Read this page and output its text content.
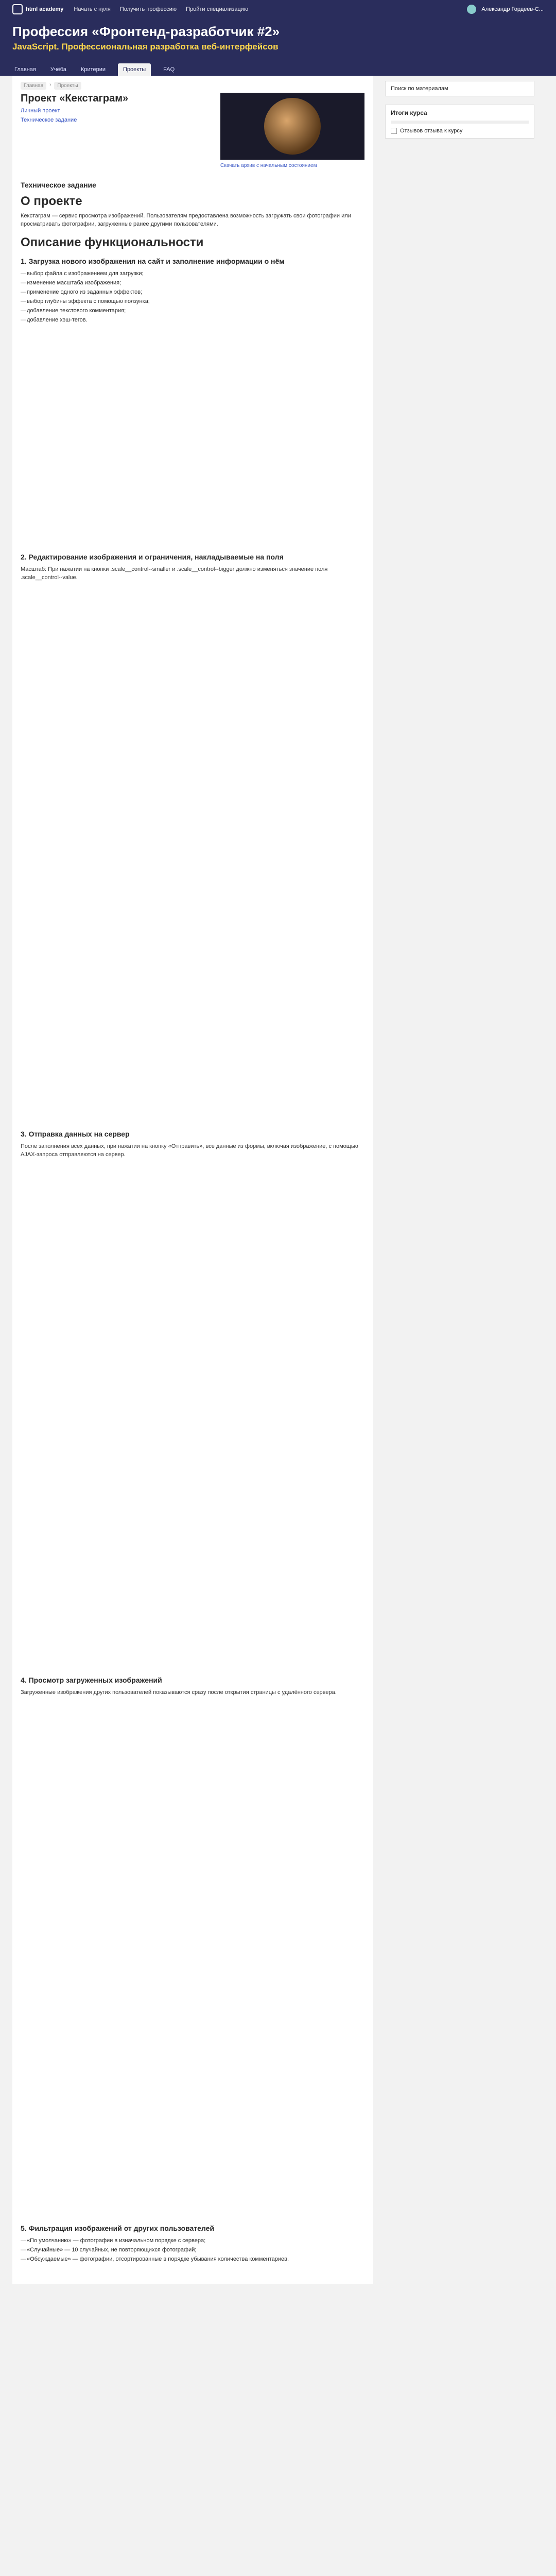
html academy Начать с нуля Получить профессию Пройти специализацию	Александр Гордеев-С...
Профессия «Фронтенд-разработчик #2»
JavaScript. Профессиональная разработка веб-интерфейсов
Главная	Учёба	Критерии	Проекты	FAQ
Главная	›	Проекты
Проект «Кекстаграм»
Личный проект
Техническое задание
Скачать архив с начальным состоянием
Техническое задание
О проекте
Кекстаграм — сервис просмотра изображений. Пользователям предоставлена возможность загружать свои фотографии или просматривать фотографии, загруженные ранее другими пользователями.
Описание функциональности
1. Загрузка нового изображения на сайт и заполнение информации о нём
— выбор файла с изображением для загрузки;
— изменение масштаба изображения;
— применение одного из заданных эффектов;
— выбор глубины эффекта с помощью ползунка;
— добавление текстового комментария;
— добавление хэш-тегов.
2. Редактирование изображения и ограничения, накладываемые на поля
Масштаб: При нажатии на кнопки .scale__control--smaller и .scale__control--bigger должно изменяться значение поля .scale__control--value.
3. Отправка данных на сервер
После заполнения всех данных, при нажатии на кнопку «Отправить», все данные из формы, включая изображение, с помощью AJAX-запроса отправляются на сервер.
4. Просмотр загруженных изображений
Загруженные изображения других пользователей показываются сразу после открытия страницы с удалённого сервера.
5. Фильтрация изображений от других пользователей
— «По умолчанию» — фотографии в изначальном порядке с сервера;
— «Случайные» — 10 случайных, не повторяющихся фотографий;
— «Обсуждаемые» — фотографии, отсортированные в порядке убывания количества комментариев.
Поиск по материалам
Итоги курса
Отзывов отзыва к курсу
